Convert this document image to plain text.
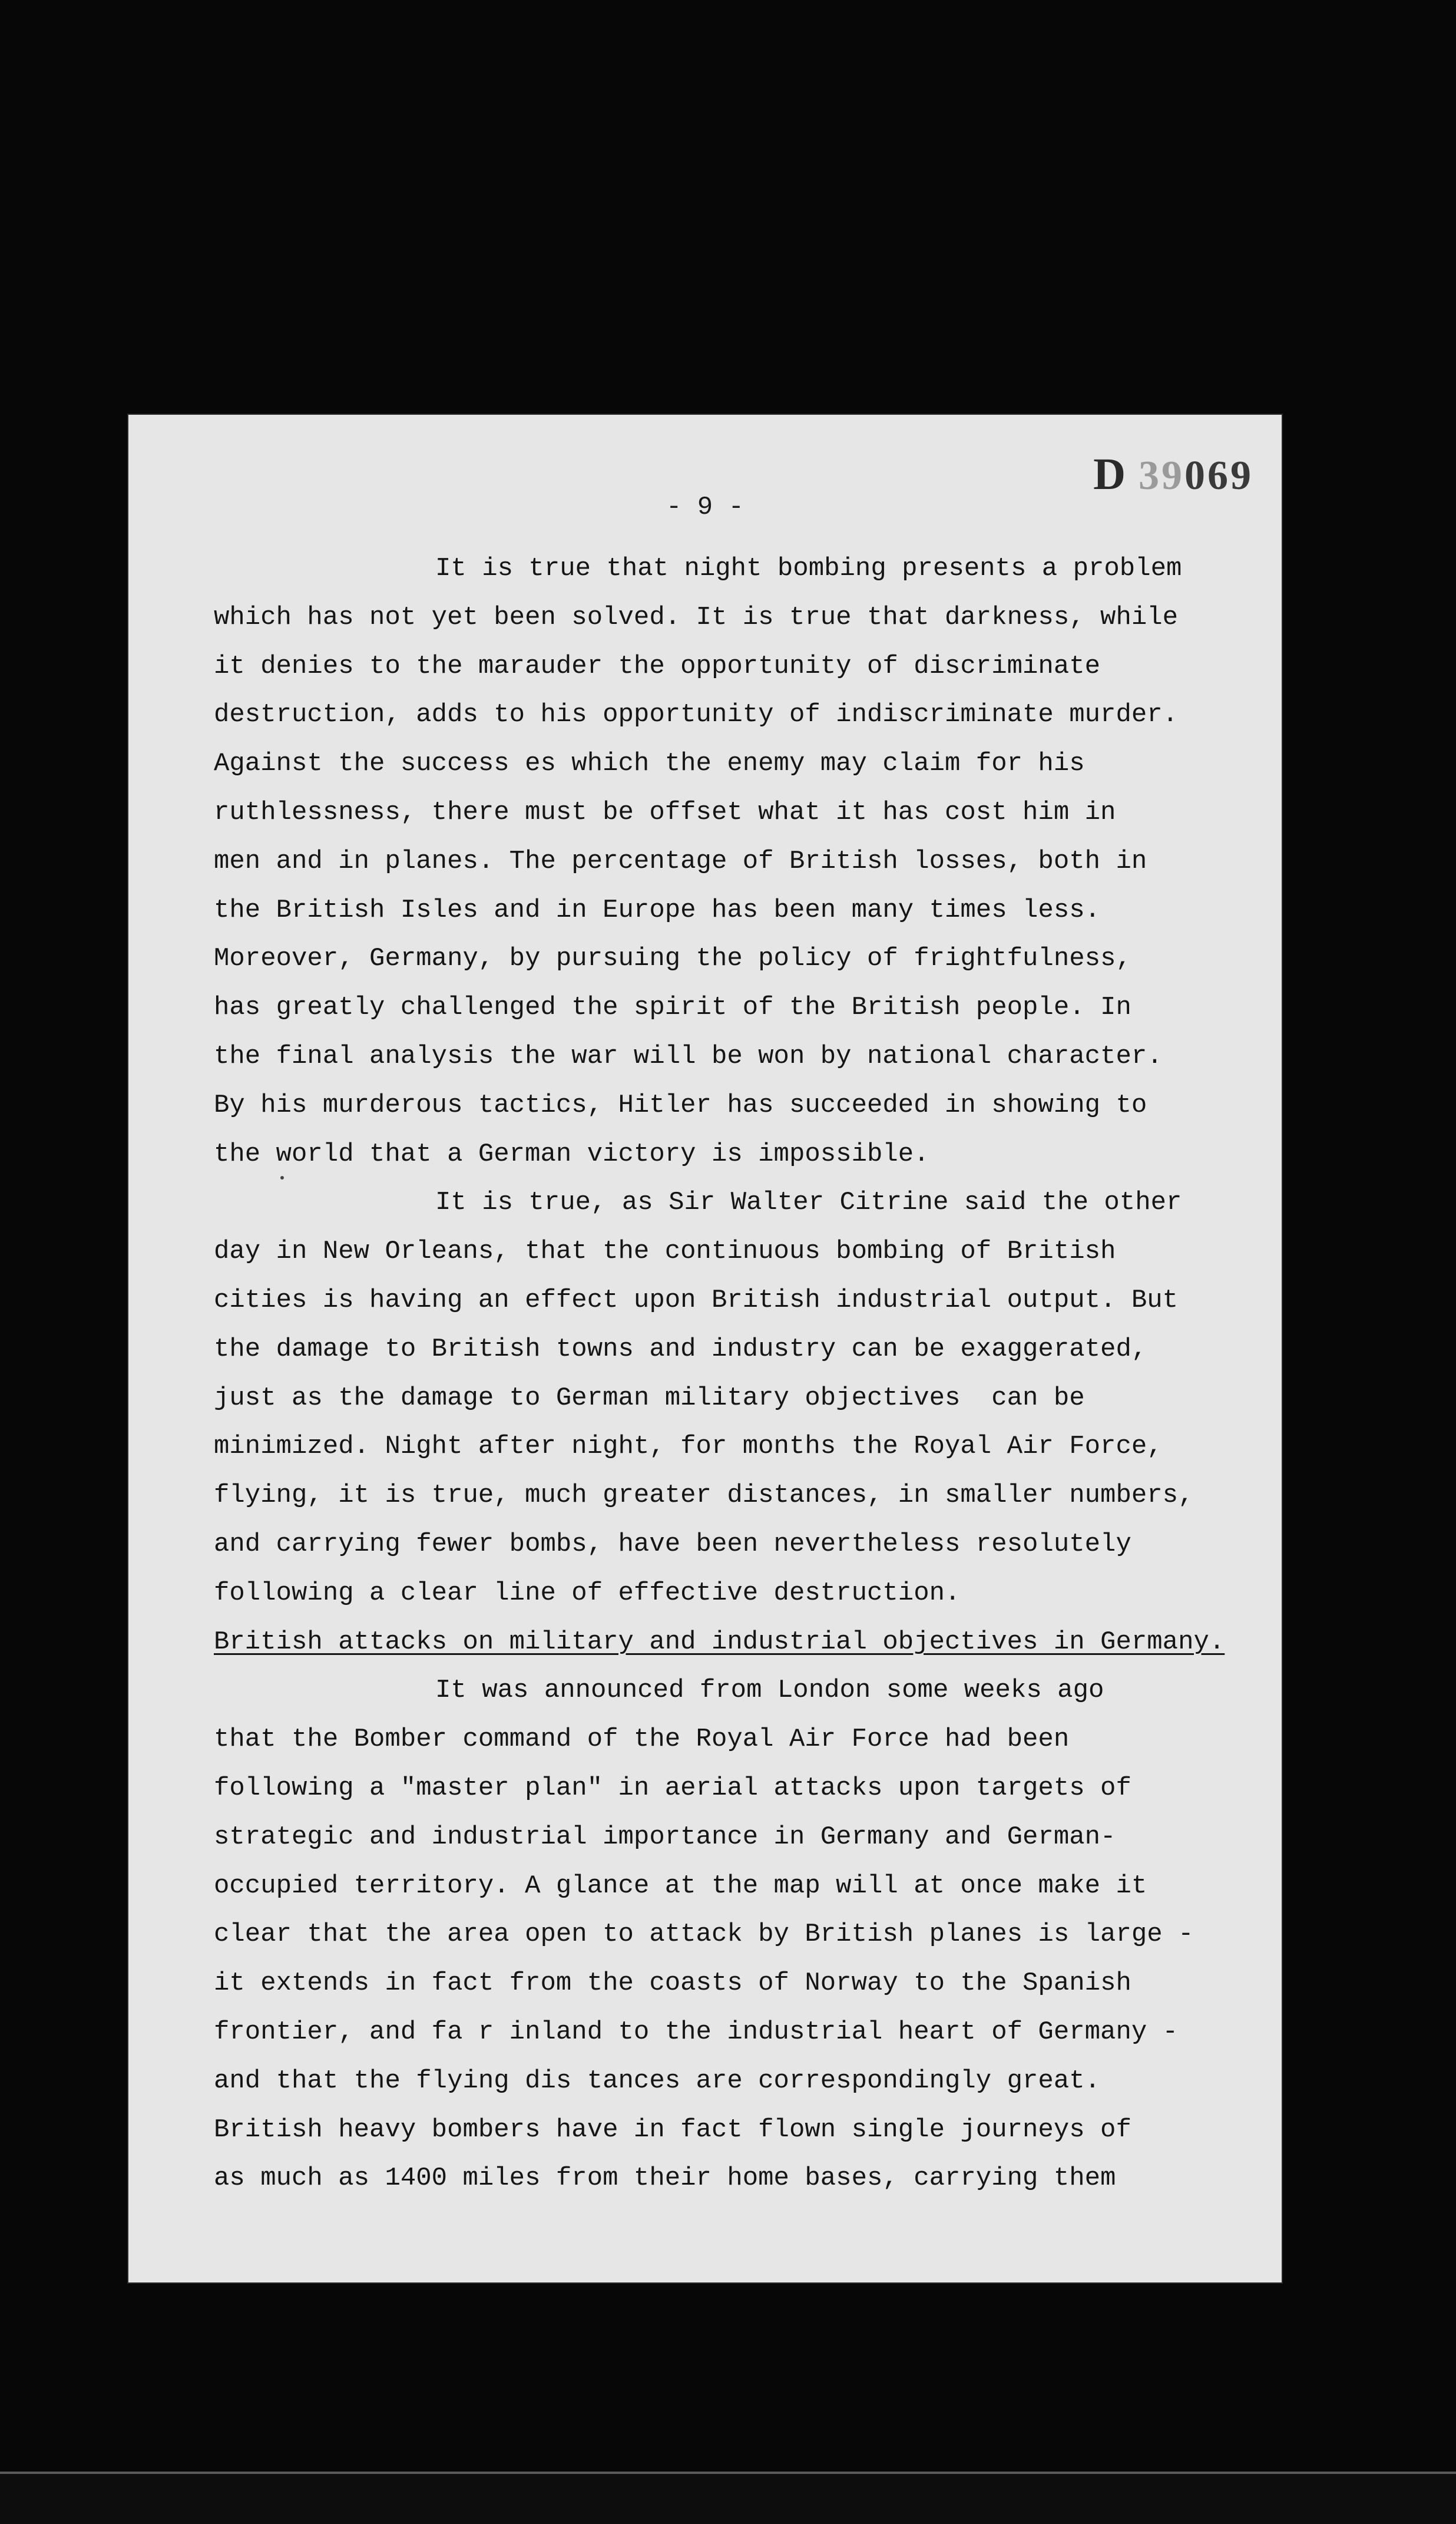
D 39069
- 9 -
It is true that night bombing presents a problem
which has not yet been solved. It is true that darkness, while
it denies to the marauder the opportunity of discriminate
destruction, adds to his opportunity of indiscriminate murder.
Against the success es which the enemy may claim for his
ruthlessness, there must be offset what it has cost him in
men and in planes. The percentage of British losses, both in
the British Isles and in Europe has been many times less.
Moreover, Germany, by pursuing the policy of frightfulness,
has greatly challenged the spirit of the British people. In
the final analysis the war will be won by national character.
By his murderous tactics, Hitler has succeeded in showing to
the world that a German victory is impossible.
It is true, as Sir Walter Citrine said the other
day in New Orleans, that the continuous bombing of British
cities is having an effect upon British industrial output. But
the damage to British towns and industry can be exaggerated,
just as the damage to German military objectives  can be
minimized. Night after night, for months the Royal Air Force,
flying, it is true, much greater distances, in smaller numbers,
and carrying fewer bombs, have been nevertheless resolutely
following a clear line of effective destruction.
British attacks on military and industrial objectives in Germany.
It was announced from London some weeks ago
that the Bomber command of the Royal Air Force had been
following a "master plan" in aerial attacks upon targets of
strategic and industrial importance in Germany and German-
occupied territory. A glance at the map will at once make it
clear that the area open to attack by British planes is large -
it extends in fact from the coasts of Norway to the Spanish
frontier, and fa r inland to the industrial heart of Germany -
and that the flying dis tances are correspondingly great.
British heavy bombers have in fact flown single journeys of
as much as 1400 miles from their home bases, carrying them
